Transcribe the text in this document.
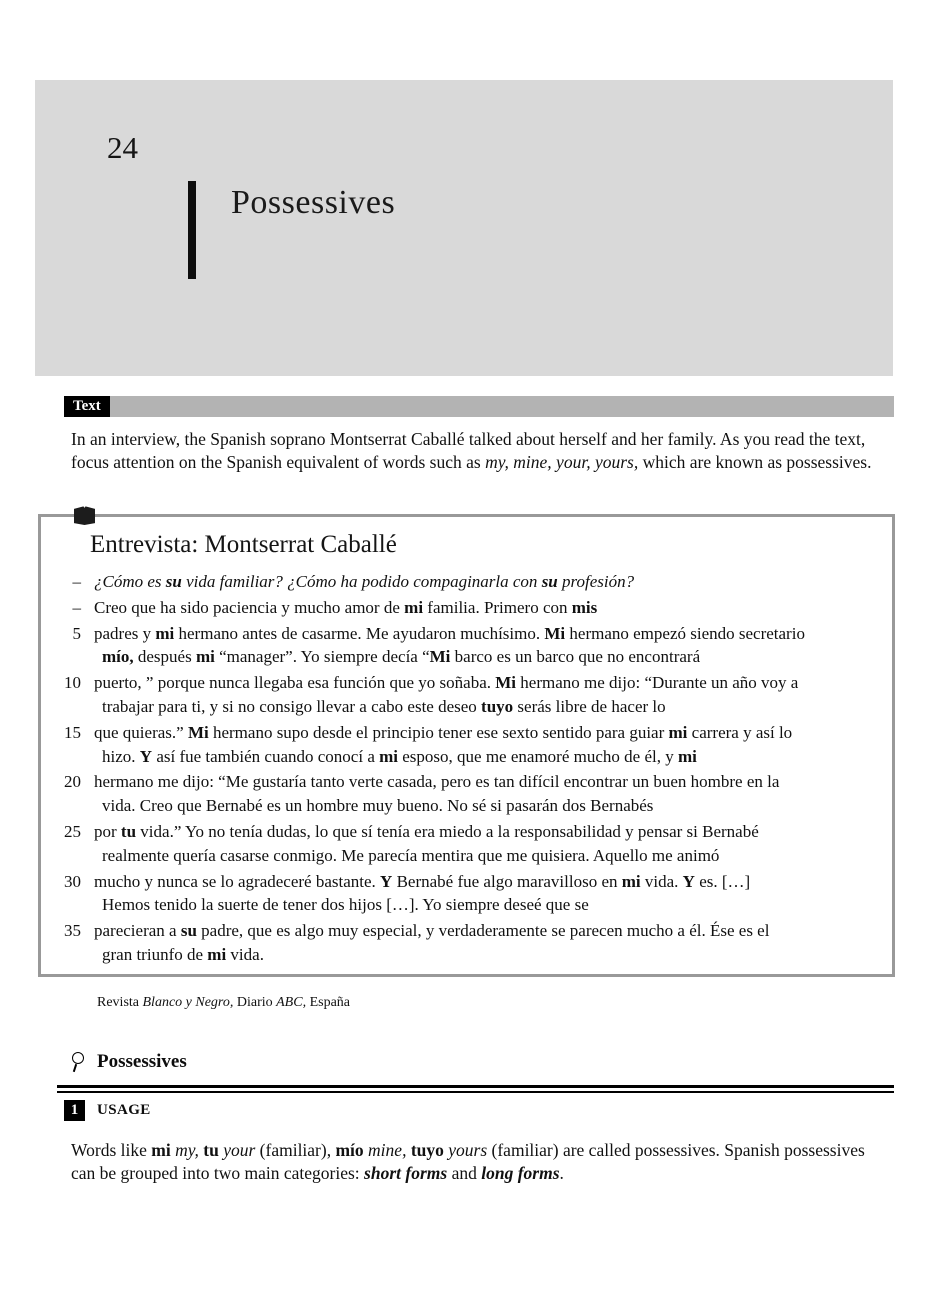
24
Possessives
Text

In an interview, the Spanish soprano Montserrat Caballé talked about herself and her family. As you read the text, focus attention on the Spanish equivalent of words such as my, mine, your, yours, which are known as possessives.

Entrevista: Montserrat Caballé
– ¿Cómo es su vida familiar? ¿Cómo ha podido compaginarla con su profesión?
– Creo que ha sido paciencia y mucho amor de mi familia. Primero con mis
5 padres y mi hermano antes de casarme. Me ayudaron muchísimo. Mi hermano empezó siendo secretario
mío, después mi “manager”. Yo siempre decía “Mi barco es un barco que no encontrará
10 puerto, ” porque nunca llegaba esa función que yo soñaba. Mi hermano me dijo: “Durante un año voy a
trabajar para ti, y si no consigo llevar a cabo este deseo tuyo serás libre de hacer lo
15 que quieras.” Mi hermano supo desde el principio tener ese sexto sentido para guiar mi carrera y así lo
hizo. Y así fue también cuando conocí a mi esposo, que me enamoré mucho de él, y mi
20 hermano me dijo: “Me gustaría tanto verte casada, pero es tan difícil encontrar un buen hombre en la
vida. Creo que Bernabé es un hombre muy bueno. No sé si pasarán dos Bernabés
25 por tu vida.” Yo no tenía dudas, lo que sí tenía era miedo a la responsabilidad y pensar si Bernabé
realmente quería casarse conmigo. Me parecía mentira que me quisiera. Aquello me animó
30 mucho y nunca se lo agradeceré bastante. Y Bernabé fue algo maravilloso en mi vida. Y es. […]
Hemos tenido la suerte de tener dos hijos […]. Yo siempre deseé que se
35 parecieran a su padre, que es algo muy especial, y verdaderamente se parecen mucho a él. Ése es el
gran triunfo de mi vida.

Revista Blanco y Negro, Diario ABC, España

Possessives
1	USAGE

Words like mi my, tu your (familiar), mío mine, tuyo yours (familiar) are called possessives. Spanish possessives can be grouped into two main categories: short forms and long forms.
